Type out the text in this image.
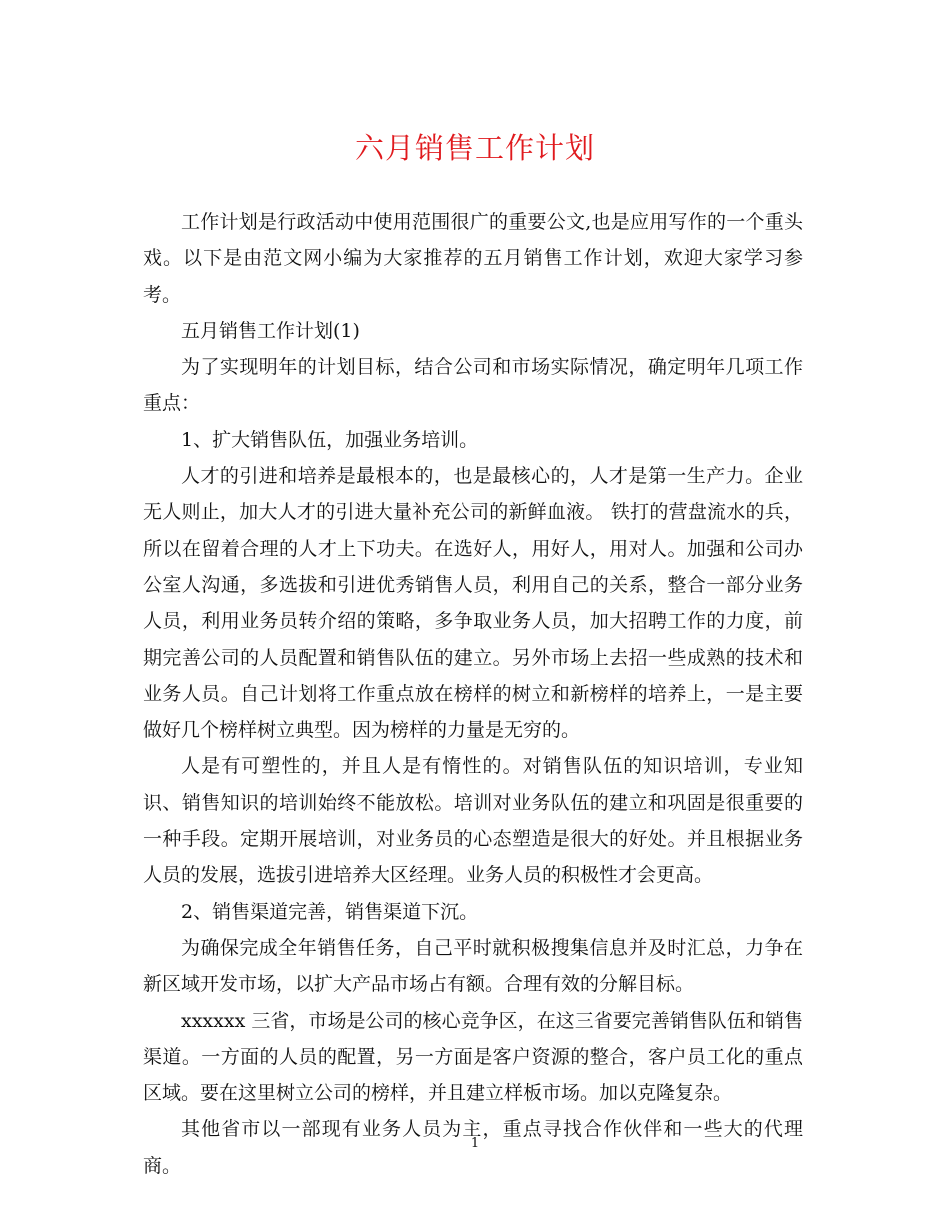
六月销售工作计划

工作计划是行政活动中使用范围很广的重要公文,也是应用写作的一个重头戏。以下是由范文网小编为大家推荐的五月销售工作计划，欢迎大家学习参考。

五月销售工作计划(1)

为了实现明年的计划目标，结合公司和市场实际情况，确定明年几项工作重点：

1、扩大销售队伍，加强业务培训。

人才的引进和培养是最根本的，也是最核心的，人才是第一生产力。企业无人则止，加大人才的引进大量补充公司的新鲜血液。 铁打的营盘流水的兵，所以在留着合理的人才上下功夫。在选好人，用好人，用对人。加强和公司办公室人沟通，多选拔和引进优秀销售人员，利用自己的关系，整合一部分业务人员，利用业务员转介绍的策略，多争取业务人员，加大招聘工作的力度，前期完善公司的人员配置和销售队伍的建立。另外市场上去招一些成熟的技术和业务人员。自己计划将工作重点放在榜样的树立和新榜样的培养上，一是主要做好几个榜样树立典型。因为榜样的力量是无穷的。

人是有可塑性的，并且人是有惰性的。对销售队伍的知识培训，专业知识、销售知识的培训始终不能放松。培训对业务队伍的建立和巩固是很重要的一种手段。定期开展培训，对业务员的心态塑造是很大的好处。并且根据业务人员的发展，选拔引进培养大区经理。业务人员的积极性才会更高。

2、销售渠道完善，销售渠道下沉。

为确保完成全年销售任务，自己平时就积极搜集信息并及时汇总，力争在新区域开发市场，以扩大产品市场占有额。合理有效的分解目标。

xxxxxx 三省，市场是公司的核心竞争区，在这三省要完善销售队伍和销售渠道。一方面的人员的配置，另一方面是客户资源的整合，客户员工化的重点区域。要在这里树立公司的榜样，并且建立样板市场。加以克隆复杂。

其他省市以一部现有业务人员为主，重点寻找合作伙伴和一些大的代理商。

1
